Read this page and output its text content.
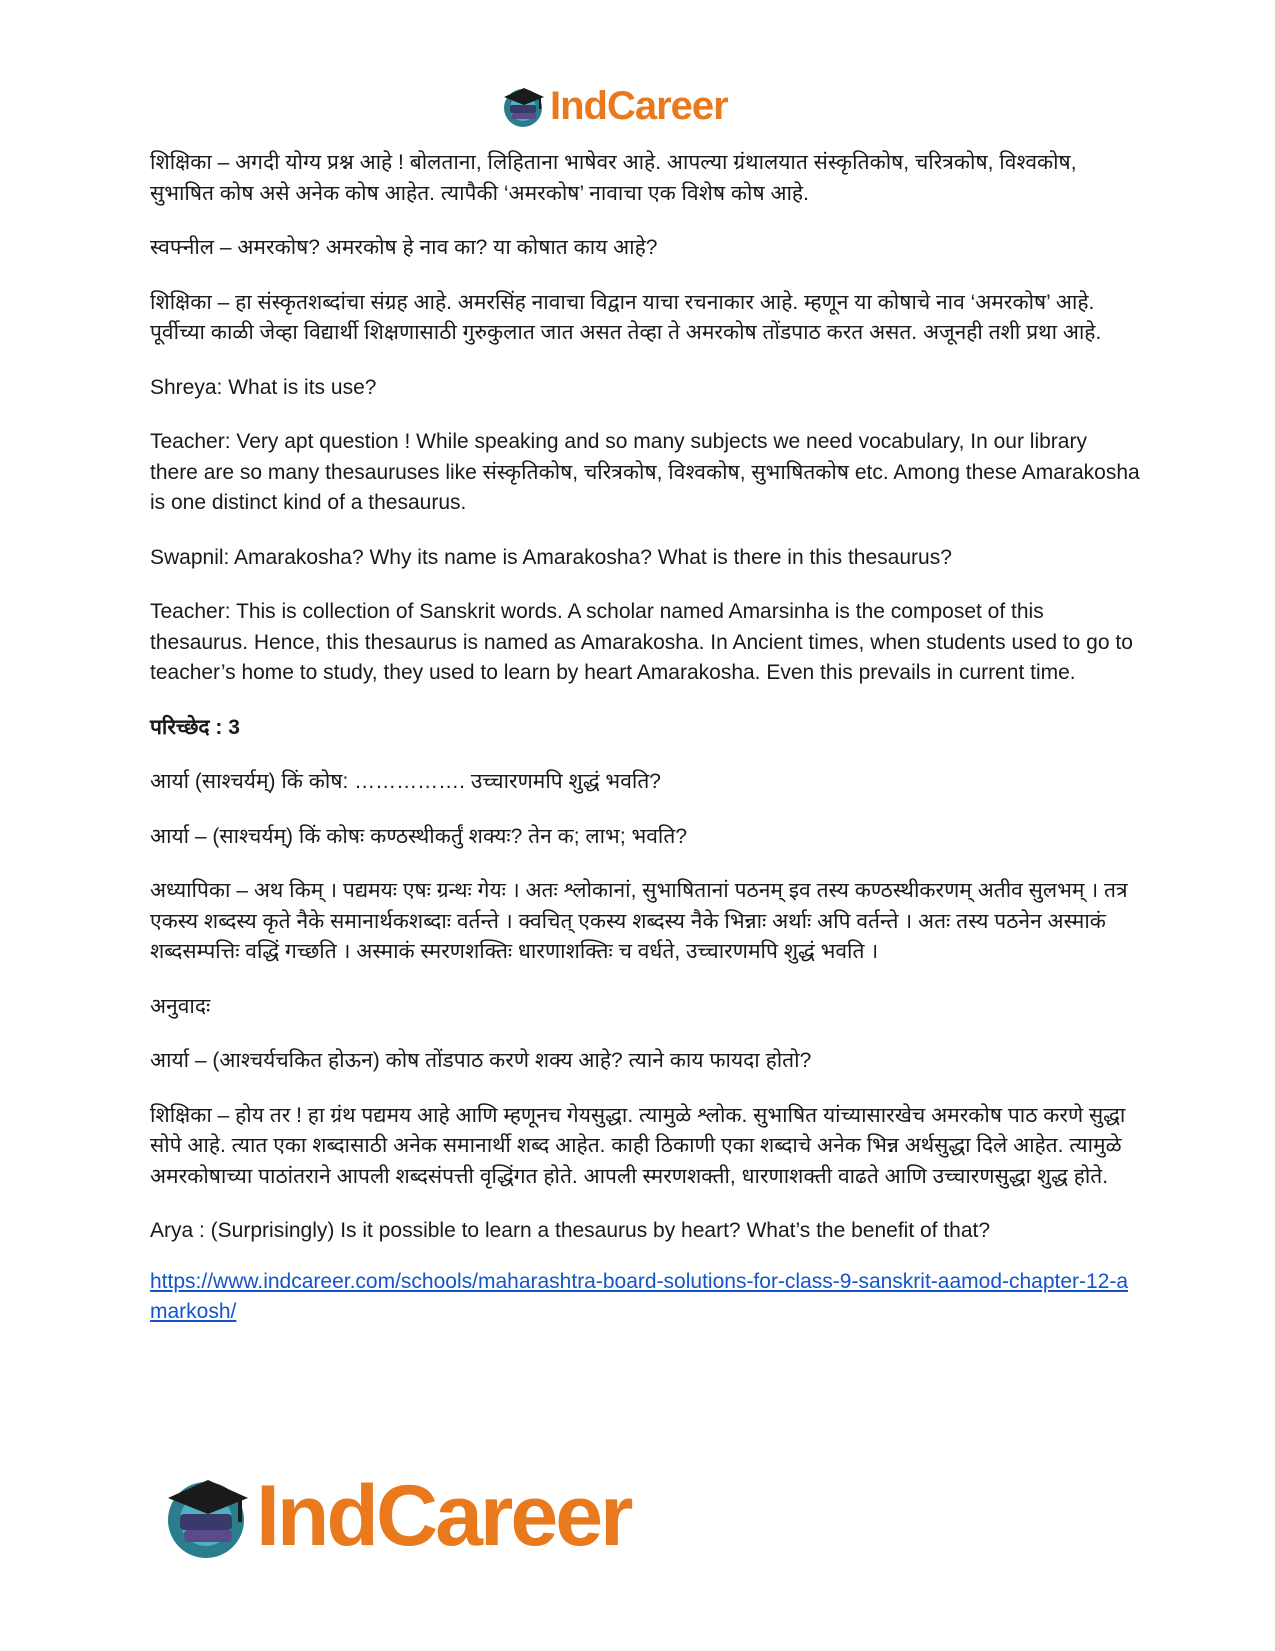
IndCareer

शिक्षिका – अगदी योग्य प्रश्न आहे ! बोलताना, लिहिताना भाषेवर आहे. आपल्या ग्रंथालयात संस्कृतिकोष, चरित्रकोष, विश्वकोष, सुभाषित कोष असे अनेक कोष आहेत. त्यापैकी ‘अमरकोष’ नावाचा एक विशेष कोष आहे.

स्वफ्नील – अमरकोष? अमरकोष हे नाव का? या कोषात काय आहे?

शिक्षिका – हा संस्कृतशब्दांचा संग्रह आहे. अमरसिंह नावाचा विद्वान याचा रचनाकार आहे. म्हणून या कोषाचे नाव ‘अमरकोष’ आहे. पूर्वीच्या काळी जेव्हा विद्यार्थी शिक्षणासाठी गुरुकुलात जात असत तेव्हा ते अमरकोष तोंडपाठ करत असत. अजूनही तशी प्रथा आहे.

Shreya: What is its use?

Teacher: Very apt question ! While speaking and so many subjects we need vocabulary, In our library there are so many thesauruses like संस्कृतिकोष, चरित्रकोष, विश्वकोष, सुभाषितकोष etc. Among these Amarakosha is one distinct kind of a thesaurus.

Swapnil: Amarakosha? Why its name is Amarakosha? What is there in this thesaurus?

Teacher: This is collection of Sanskrit words. A scholar named Amarsinha is the composet of this thesaurus. Hence, this thesaurus is named as Amarakosha. In Ancient times, when students used to go to teacher’s home to study, they used to learn by heart Amarakosha. Even this prevails in current time.

परिच्छेद : 3

आर्या (साश्चर्यम्) किं कोष: ……………. उच्चारणमपि शुद्धं भवति?

आर्या – (साश्चर्यम्) किं कोषः कण्ठस्थीकर्तुं शक्यः? तेन क; लाभ; भवति?

अध्यापिका – अथ किम् । पद्यमयः एषः ग्रन्थः गेयः । अतः श्लोकानां, सुभाषितानां पठनम् इव तस्य कण्ठस्थीकरणम् अतीव सुलभम् । तत्र एकस्य शब्दस्य कृते नैके समानार्थकशब्दाः वर्तन्ते । क्वचित् एकस्य शब्दस्य नैके भिन्नाः अर्थाः अपि वर्तन्ते । अतः तस्य पठनेन अस्माकं शब्दसम्पत्तिः वद्धिं गच्छति । अस्माकं स्मरणशक्तिः धारणाशक्तिः च वर्धते, उच्चारणमपि शुद्धं भवति ।

अनुवादः

आर्या – (आश्चर्यचकित होऊन) कोष तोंडपाठ करणे शक्य आहे? त्याने काय फायदा होतो?

शिक्षिका – होय तर ! हा ग्रंथ पद्यमय आहे आणि म्हणूनच गेयसुद्धा. त्यामुळे श्लोक. सुभाषित यांच्यासारखेच अमरकोष पाठ करणे सुद्धा सोपे आहे. त्यात एका शब्दासाठी अनेक समानार्थी शब्द आहेत. काही ठिकाणी एका शब्दाचे अनेक भिन्न अर्थसुद्धा दिले आहेत. त्यामुळे अमरकोषाच्या पाठांतराने आपली शब्दसंपत्ती वृद्धिंगत होते. आपली स्मरणशक्ती, धारणाशक्ती वाढते आणि उच्चारणसुद्धा शुद्ध होते.

Arya : (Surprisingly) Is it possible to learn a thesaurus by heart? What’s the benefit of that?

https://www.indcareer.com/schools/maharashtra-board-solutions-for-class-9-sanskrit-aamod-chapter-12-amarkosh/
IndCareer
